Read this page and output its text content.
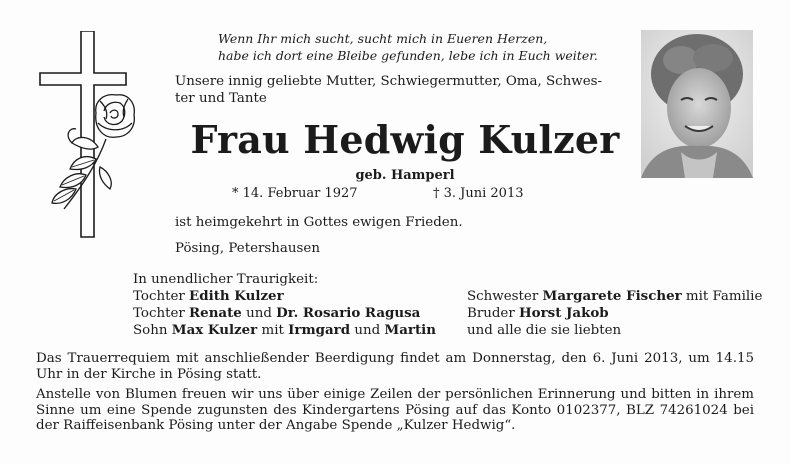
Wenn Ihr mich sucht, sucht mich in Eueren Herzen,
habe ich dort eine Bleibe gefunden, lebe ich in Euch weiter.
Unsere innig geliebte Mutter, Schwiegermutter, Oma, Schwes-
ter und Tante
Frau Hedwig Kulzer
geb. Hamperl
* 14. Februar 1927	† 3. Juni 2013
ist heimgekehrt in Gottes ewigen Frieden.
Pösing, Petershausen
In unendlicher Traurigkeit:
Tochter Edith Kulzer
Tochter Renate und Dr. Rosario Ragusa
Sohn Max Kulzer mit Irmgard und Martin
Schwester Margarete Fischer mit Familie
Bruder Horst Jakob
und alle die sie liebten
Das Trauerrequiem mit anschließender Beerdigung findet am Donnerstag, den 6. Juni 2013, um 14.15 Uhr in der Kirche in Pösing statt.
Anstelle von Blumen freuen wir uns über einige Zeilen der persönlichen Erinnerung und bitten in ihrem Sinne um eine Spende zugunsten des Kindergartens Pösing auf das Konto 0102377, BLZ 74261024 bei der Raiffeisenbank Pösing unter der Angabe Spende „Kulzer Hedwig“.
